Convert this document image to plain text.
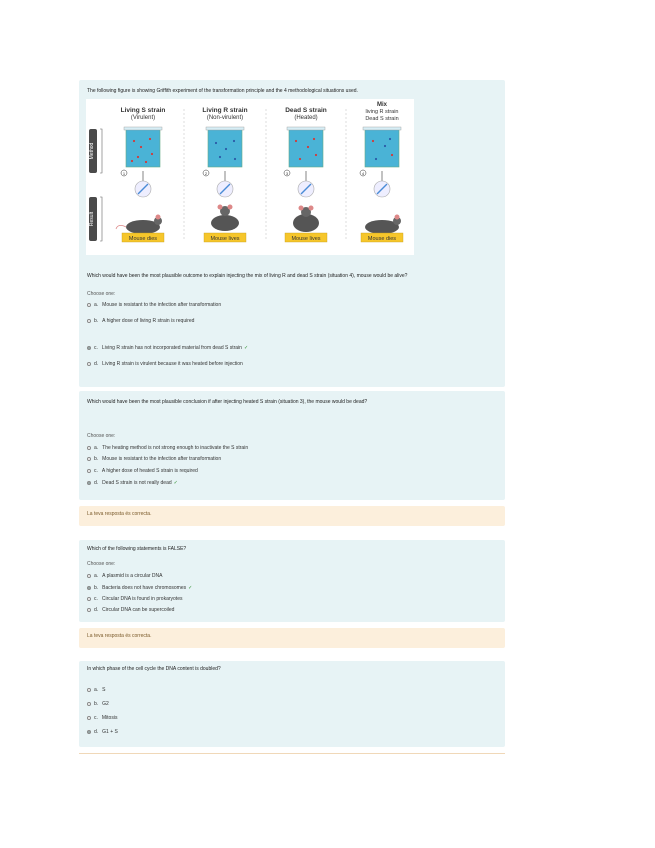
The following figure is showing Griffith experiment of the transformation principle and the 4 methodological situations used.
Method
Result
Living S strain
(Virulent)
1
Mouse dies
Living R strain
(Non-virulent)
2
Mouse lives
Dead S strain
(Heated)
3
Mouse lives
Mix
living R strain
Dead S strain
4
Mouse dies
Which would have been the most plausible outcome to explain injecting the mix of living R and dead S strain (situation 4), mouse would be alive?
Choose one:
a. Mouse is resistant to the infection after transformation
b. A higher dose of living R strain is required
c. Living R strain has not incorporated material from dead S strain ✓
d. Living R strain is virulent because it was heated before injection
Which would have been the most plausible conclusion if after injecting heated S strain (situation 3), the mouse would be dead?
Choose one:
a. The heating method is not strong enough to inactivate the S strain
b. Mouse is resistant to the infection after transformation
c. A higher dose of heated S strain is required
d. Dead S strain is not really dead ✓
La teva resposta és correcta.
Which of the following statements is FALSE?
Choose one:
a. A plasmid is a circular DNA
b. Bacteria does not have chromosomes ✓
c. Circular DNA is found in prokaryotes
d. Circular DNA can be supercoiled
La teva resposta és correcta.
In which phase of the cell cycle the DNA content is doubled?
a. S
b. G2
c. Mitosis
d. G1 + S
